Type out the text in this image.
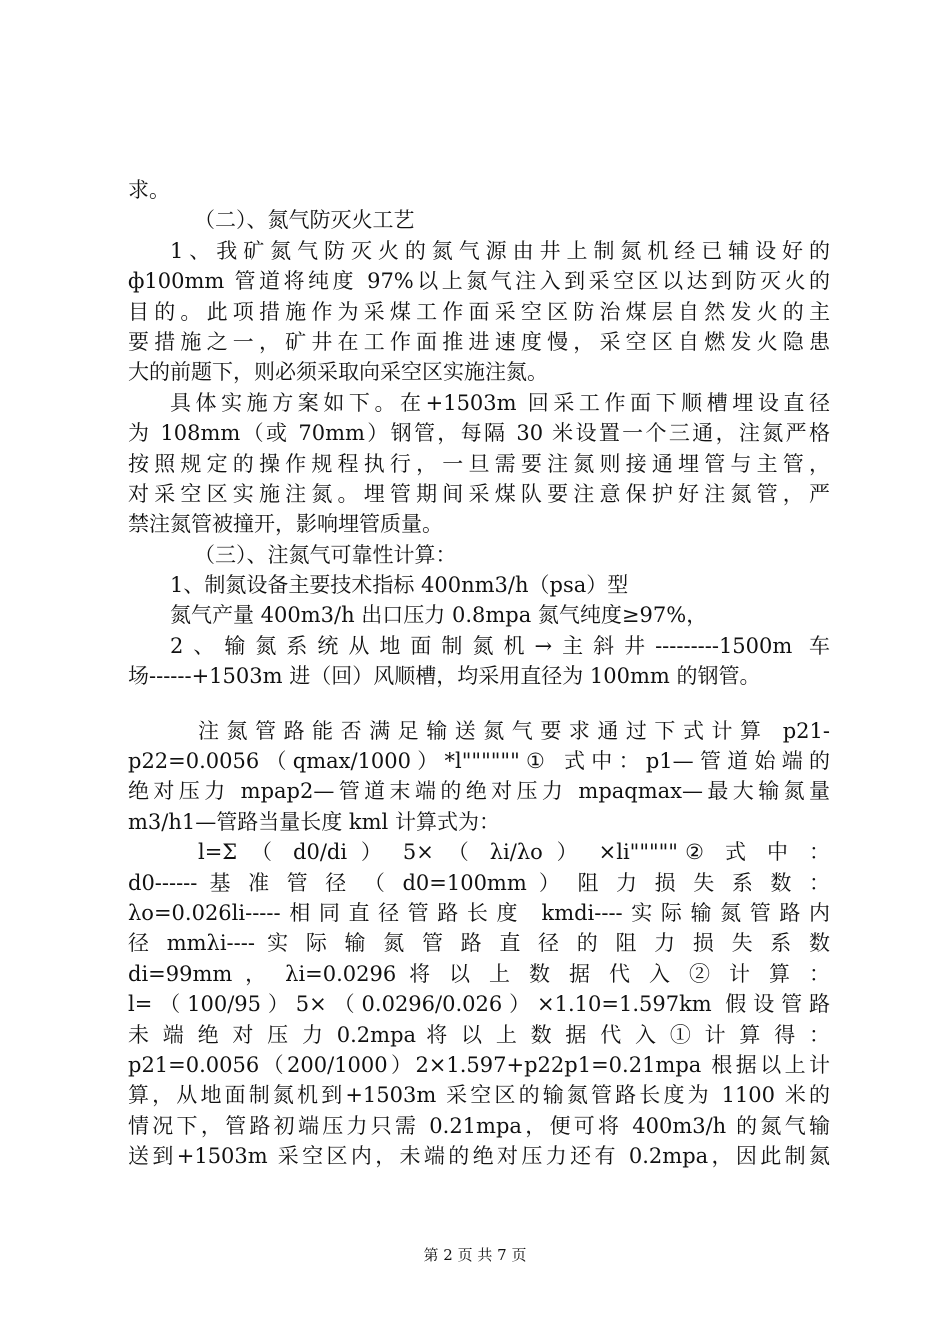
求。
（二）、氮气防灭火工艺
1、我矿氮气防灭火的氮气源由井上制氮机经已辅设好的
ф100mm 管道将纯度 97%以上氮气注入到采空区以达到防灭火的
目的。此项措施作为采煤工作面采空区防治煤层自然发火的主
要措施之一，矿井在工作面推进速度慢，采空区自燃发火隐患
大的前题下，则必须采取向采空区实施注氮。
具体实施方案如下。在+1503m 回采工作面下顺槽埋设直径
为 108mm（或 70mm）钢管，每隔 30 米设置一个三通，注氮严格
按照规定的操作规程执行，一旦需要注氮则接通埋管与主管，
对采空区实施注氮。埋管期间采煤队要注意保护好注氮管，严
禁注氮管被撞开，影响埋管质量。
（三）、注氮气可靠性计算：
1、制氮设备主要技术指标 400nm3/h（psa）型
氮气产量 400m3/h 出口压力 0.8mpa 氮气纯度≥97%，
2、输氮系统从地面制氮机→主斜井---------1500m 车
场------+1503m 进（回）风顺槽，均采用直径为 100mm 的钢管。
注氮管路能否满足输送氮气要求通过下式计算 p21-
p22=0.0056（qmax/1000）*l""""""① 式中：p1—管道始端的
绝对压力 mpap2—管道末端的绝对压力 mpaqmax—最大输氮量
m3/h1—管路当量长度 kml 计算式为：
l=Σ （ d0/di ） 5× （ λi/λo ） ×li"""""② 式 中 ：
d0------ 基 准 管 径 （ d0=100mm ） 阻 力 损 失 系 数 ：
λo=0.026li-----相同直径管路长度 kmdi----实际输氮管路内
径 mmλi---- 实 际 输 氮 管 路 直 径 的 阻 力 损 失 系 数
di=99mm ， λi=0.0296 将 以 上 数 据 代 入 ② 计 算 ：
l=（100/95）5×（0.0296/0.026）×1.10=1.597km 假设管路
未 端 绝 对 压 力 0.2mpa 将 以 上 数 据 代 入 ① 计 算 得 ：
p21=0.0056（200/1000）2×1.597+p22p1=0.21mpa 根据以上计
算，从地面制氮机到+1503m 采空区的输氮管路长度为 1100 米的
情况下，管路初端压力只需 0.21mpa，便可将 400m3/h 的氮气输
送到+1503m 采空区内，未端的绝对压力还有 0.2mpa，因此制氮
第 2 页 共 7 页
